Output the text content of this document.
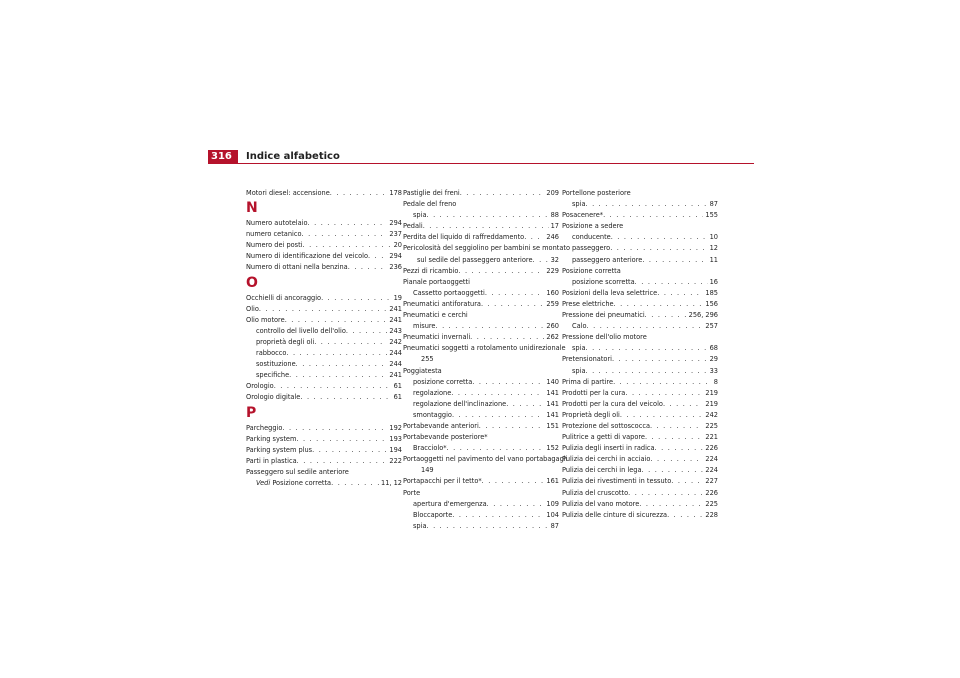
316	Indice alfabetico
Motori diesel: accensione . . .	178
N
Numero autotelaio . . .	294
numero cetanico . . .	237
Numero dei posti . . .	20
Numero di identificazione del veicolo . . .	294
Numero di ottani nella benzina . . .	236
O
Occhielli di ancoraggio . . .	19
Olio . . .	241
Olio motore . . .	241
controllo del livello dell'olio . . .	243
proprietà degli oli . . .	242
rabbocco . . .	244
sostituzione . . .	244
specifiche . . .	241
Orologio . . .	61
Orologio digitale . . .	61
P
Parcheggio . . .	192
Parking system . . .	193
Parking system plus . . .	194
Parti in plastica . . .	222
Passeggero sul sedile anteriore
Vedi Posizione corretta . . .	11, 12
Pastiglie dei freni . . .	209
Pedale del freno
spia . . .	88
Pedali . . .	17
Perdita del liquido di raffreddamento . . .	246
Pericolosità del seggiolino per bambini se montato
sul sedile del passeggero anteriore . . .	32
Pezzi di ricambio . . .	229
Pianale portaoggetti
Cassetto portaoggetti . . .	160
Pneumatici antiforatura . . .	259
Pneumatici e cerchi
misure . . .	260
Pneumatici invernali . . .	262
Pneumatici soggetti a rotolamento unidirezionale
255
Poggiatesta
posizione corretta . . .	140
regolazione . . .	141
regolazione dell'inclinazione . . .	141
smontaggio . . .	141
Portabevande anteriori . . .	151
Portabevande posteriore*
Bracciolo* . . .	152
Portaoggetti nel pavimento del vano portabagagli
149
Portapacchi per il tetto* . . .	161
Porte
apertura d'emergenza . . .	109
Bloccaporte . . .	104
spia . . .	87
Portellone posteriore
spia . . .	87
Posacenere* . . .	155
Posizione a sedere
conducente . . .	10
passeggero . . .	12
passeggero anteriore . . .	11
Posizione corretta
posizione scorretta . . .	16
Posizioni della leva selettrice . . .	185
Prese elettriche . . .	156
Pressione dei pneumatici . . .	256, 296
Calo . . .	257
Pressione dell'olio motore
spia . . .	68
Pretensionatori . . .	29
spia . . .	33
Prima di partire . . .	8
Prodotti per la cura . . .	219
Prodotti per la cura del veicolo . . .	219
Proprietà degli oli . . .	242
Protezione del sottoscocca . . .	225
Pulitrice a getti di vapore . . .	221
Pulizia degli inserti in radica . . .	226
Pulizia dei cerchi in acciaio . . .	224
Pulizia dei cerchi in lega . . .	224
Pulizia dei rivestimenti in tessuto . . .	227
Pulizia del cruscotto . . .	226
Pulizia del vano motore . . .	225
Pulizia delle cinture di sicurezza . . .	228
